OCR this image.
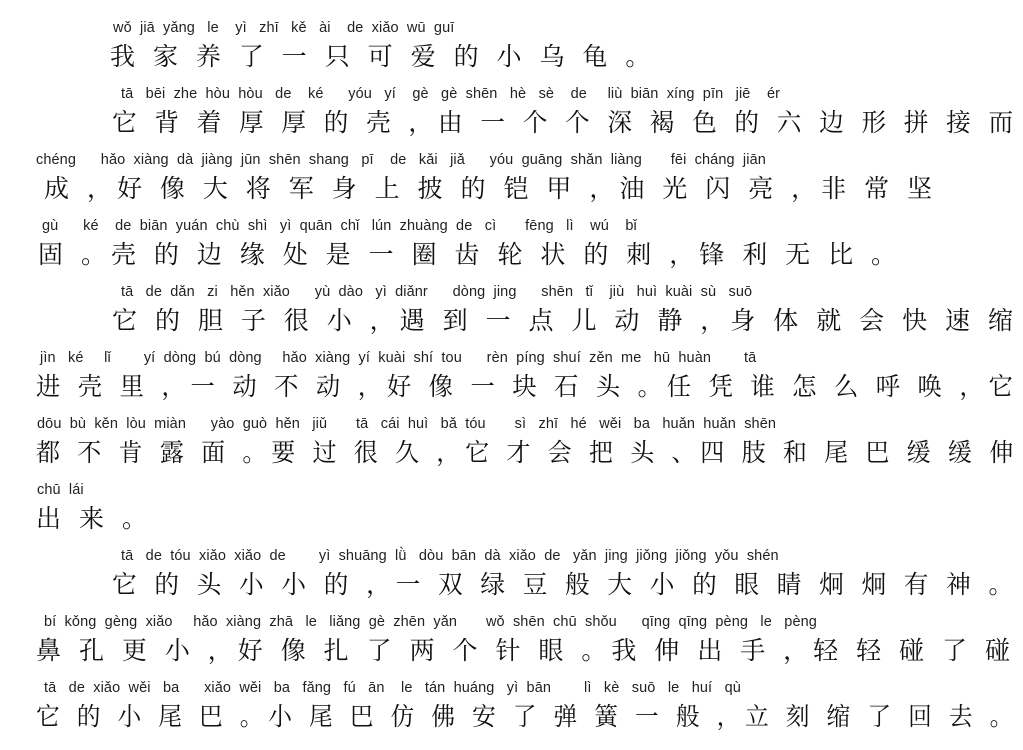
wǒ  jiā  yǎng   le    yì   zhī   kě   ài    de  xiǎo  wū  guī
我 家 养 了 一 只 可 爱 的 小 乌 龟 。
tā   bēi  zhe  hòu  hòu   de    ké      yóu   yí    gè   gè  shēn   hè   sè    de     liù  biān  xíng  pīn   jiē    ér
它 背 着 厚 厚 的 壳 ，由 一 个 个 深 褐 色 的 六 边 形 拼 接 而
chéng      hǎo  xiàng  dà  jiàng  jūn  shēn  shang   pī    de   kǎi   jiǎ      yóu  guāng  shǎn  liàng       fēi  cháng  jiān
成 ，好 像 大 将 军 身 上 披 的 铠 甲 ，油 光 闪 亮 ，非 常 坚
gù      ké    de  biān  yuán  chù  shì   yì  quān  chǐ   lún  zhuàng  de   cì       fēng   lì    wú    bǐ
固 。壳 的 边 缘 处 是 一 圈 齿 轮 状 的 刺 ，锋 利 无 比 。
tā   de  dǎn   zi   hěn  xiǎo      yù  dào   yì  diǎnr      dòng  jing      shēn   tǐ    jiù   huì  kuài  sù   suō
它 的 胆 子 很 小 ，遇 到 一 点 儿 动 静 ，身 体 就 会 快 速 缩
jìn   ké     lǐ        yí  dòng  bú  dòng     hǎo  xiàng  yí  kuài  shí  tou      rèn  píng  shuí  zěn  me   hū  huàn        tā
进 壳 里 ，一 动 不 动 ，好 像 一 块 石 头 。任 凭 谁 怎 么 呼 唤 ，它
dōu  bù  kěn  lòu  miàn      yào  guò  hěn   jiǔ       tā   cái  huì   bǎ  tóu       sì   zhī   hé   wěi   ba   huǎn  huǎn  shēn
都 不 肯 露 面 。要 过 很 久 ，它 才 会 把 头 、四 肢 和 尾 巴 缓 缓 伸
chū  lái
出 来 。
tā   de  tóu  xiǎo  xiǎo  de        yì  shuāng  lǜ   dòu  bān  dà  xiǎo  de   yǎn  jing  jiǒng  jiǒng  yǒu  shén
它 的 头 小 小 的 ，一 双 绿 豆 般 大 小 的 眼 睛 炯 炯 有 神 。
bí  kǒng  gèng  xiǎo     hǎo  xiàng  zhā   le   liǎng  gè  zhēn  yǎn       wǒ  shēn  chū  shǒu      qīng  qīng  pèng   le   pèng
鼻 孔 更 小 ，好 像 扎 了 两 个 针 眼 。我 伸 出 手 ，轻 轻 碰 了 碰
tā   de  xiǎo  wěi   ba      xiǎo  wěi   ba   fǎng   fú   ān    le   tán  huáng   yì  bān        lì   kè   suō   le   huí   qù
它 的 小 尾 巴 。小 尾 巴 仿 佛 安 了 弹 簧 一 般 ，立 刻 缩 了 回 去 。
